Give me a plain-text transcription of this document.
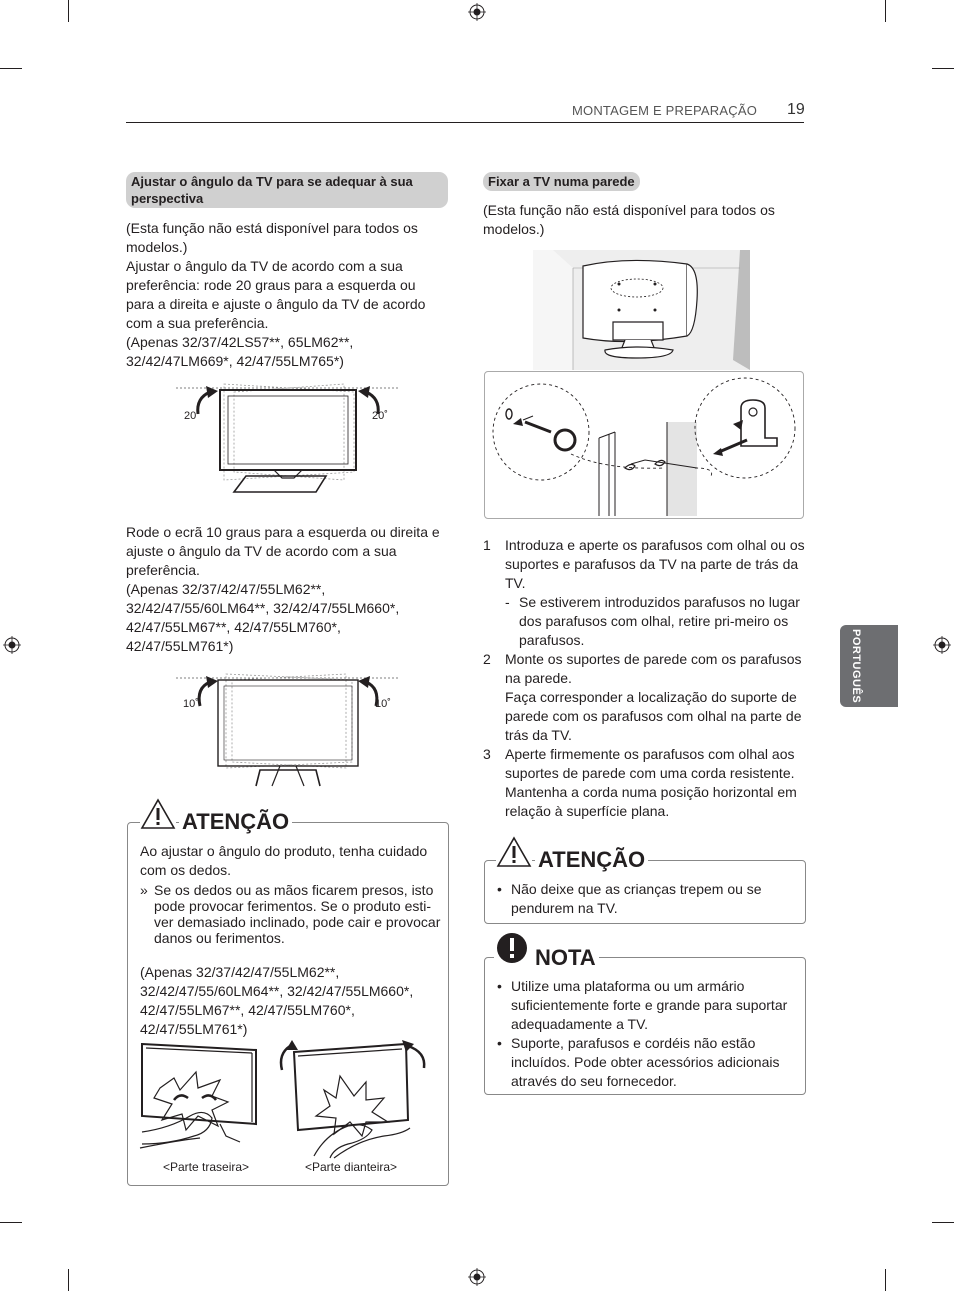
MONTAGEM E PREPARAÇÃO 19
PORTUGUÊS
Ajustar o ângulo da TV para se adequar à sua perspectiva

(Esta função não está disponível para todos os modelos.)

Ajustar o ângulo da TV de acordo com a sua preferência: rode 20 graus para a esquerda ou para a direita e ajuste o ângulo da TV de acordo com a sua preferência.

(Apenas 32/37/42LS57**, 65LM62**, 32/42/47LM669*, 42/47/55LM765*)

20˚	20˚

Rode o ecrã 10 graus para a esquerda ou direita e ajuste o ângulo da TV de acordo com a sua preferência.

(Apenas 32/37/42/47/55LM62**, 32/42/47/55/60LM64**, 32/42/47/55LM660*, 42/47/55LM67**, 42/47/55LM760*, 42/47/55LM761*)

10˚	10˚
ATENÇÃO

Ao ajustar o ângulo do produto, tenha cuidado com os dedos.

» Se os dedos ou as mãos ficarem presos, isto pode provocar ferimentos. Se o produto esti-ver demasiado inclinado, pode cair e provocar danos ou ferimentos.

(Apenas 32/37/42/47/55LM62**, 32/42/47/55/60LM64**, 32/42/47/55LM660*, 42/47/55LM67**, 42/47/55LM760*, 42/47/55LM761*)

<Parte traseira>	<Parte dianteira>
Fixar a TV numa parede
(Esta função não está disponível para todos os modelos.)
1	Introduza e aperte os parafusos com olhal ou os suportes e parafusos da TV na parte de trás da TV.
- Se estiverem introduzidos parafusos no lugar dos parafusos com olhal, retire pri-meiro os parafusos.
2	Monte os suportes de parede com os parafusos na parede.
Faça corresponder a localização do suporte de parede com os parafusos com olhal na parte de trás da TV.
3	Aperte firmemente os parafusos com olhal aos suportes de parede com uma corda resistente. Mantenha a corda numa posição horizontal em relação à superfície plana.
ATENÇÃO
• Não deixe que as crianças trepem ou se pendurem na TV.
NOTA
• Utilize uma plataforma ou um armário suficientemente forte e grande para suportar adequadamente a TV.
• Suporte, parafusos e cordéis não estão incluídos. Pode obter acessórios adicionais através do seu fornecedor.
